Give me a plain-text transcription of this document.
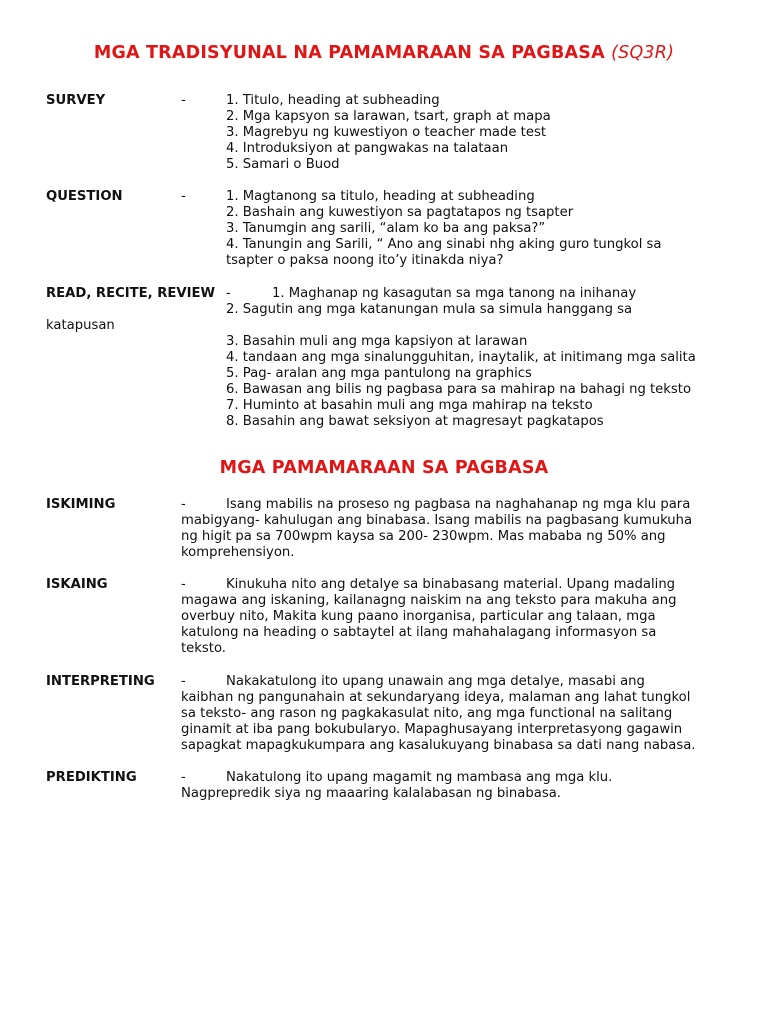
MGA TRADISYUNAL NA PAMAMARAAN SA PAGBASA (SQ3R)
SURVEY	-	1. Titulo, heading at subheading
2. Mga kapsyon sa larawan, tsart, graph at mapa
3. Magrebyu ng kuwestiyon o teacher made test
4. Introduksiyon at pangwakas na talataan
5. Samari o Buod
QUESTION	-	1. Magtanong sa titulo, heading at subheading
2. Bashain ang kuwestiyon sa pagtatapos ng tsapter
3. Tanumgin ang sarili, “alam ko ba ang paksa?”
4. Tanungin ang Sarili, “ Ano ang sinabi nhg aking guro tungkol sa
tsapter o paksa noong ito’y itinakda niya?
READ, RECITE, REVIEW -	1. Maghanap ng kasagutan sa mga tanong na inihanay
2. Sagutin ang mga katanungan mula sa simula hanggang sa
katapusan
3. Basahin muli ang mga kapsiyon at larawan
4. tandaan ang mga sinalungguhitan, inaytalik, at initimang mga salita
5. Pag- aralan ang mga pantulong na graphics
6. Bawasan ang bilis ng pagbasa para sa mahirap na bahagi ng teksto
7. Huminto at basahin muli ang mga mahirap na teksto
8. Basahin ang bawat seksiyon at magresayt pagkatapos
MGA PAMAMARAAN SA PAGBASA
ISKIMING	-	Isang mabilis na proseso ng pagbasa na naghahanap ng mga klu para
mabigyang- kahulugan ang binabasa. Isang mabilis na pagbasang kumukuha
ng higit pa sa 700wpm kaysa sa 200- 230wpm. Mas mababa ng 50% ang
komprehensiyon.
ISKAING	-	Kinukuha nito ang detalye sa binabasang material. Upang madaling
magawa ang iskaning, kailanagng naiskim na ang teksto para makuha ang
overbuy nito, Makita kung paano inorganisa, particular ang talaan, mga
katulong na heading o sabtaytel at ilang mahahalagang informasyon sa
teksto.
INTERPRETING -	Nakakatulong ito upang unawain ang mga detalye, masabi ang
kaibhan ng pangunahain at sekundaryang ideya, malaman ang lahat tungkol
sa teksto- ang rason ng pagkakasulat nito, ang mga functional na salitang
ginamit at iba pang bokubularyo. Mapaghusayang interpretasyong gagawin
sapagkat mapagkukumpara ang kasalukuyang binabasa sa dati nang nabasa.
PREDIKTING	-	Nakatulong ito upang magamit ng mambasa ang mga klu.
Nagprepredik siya ng maaaring kalalabasan ng binabasa.
